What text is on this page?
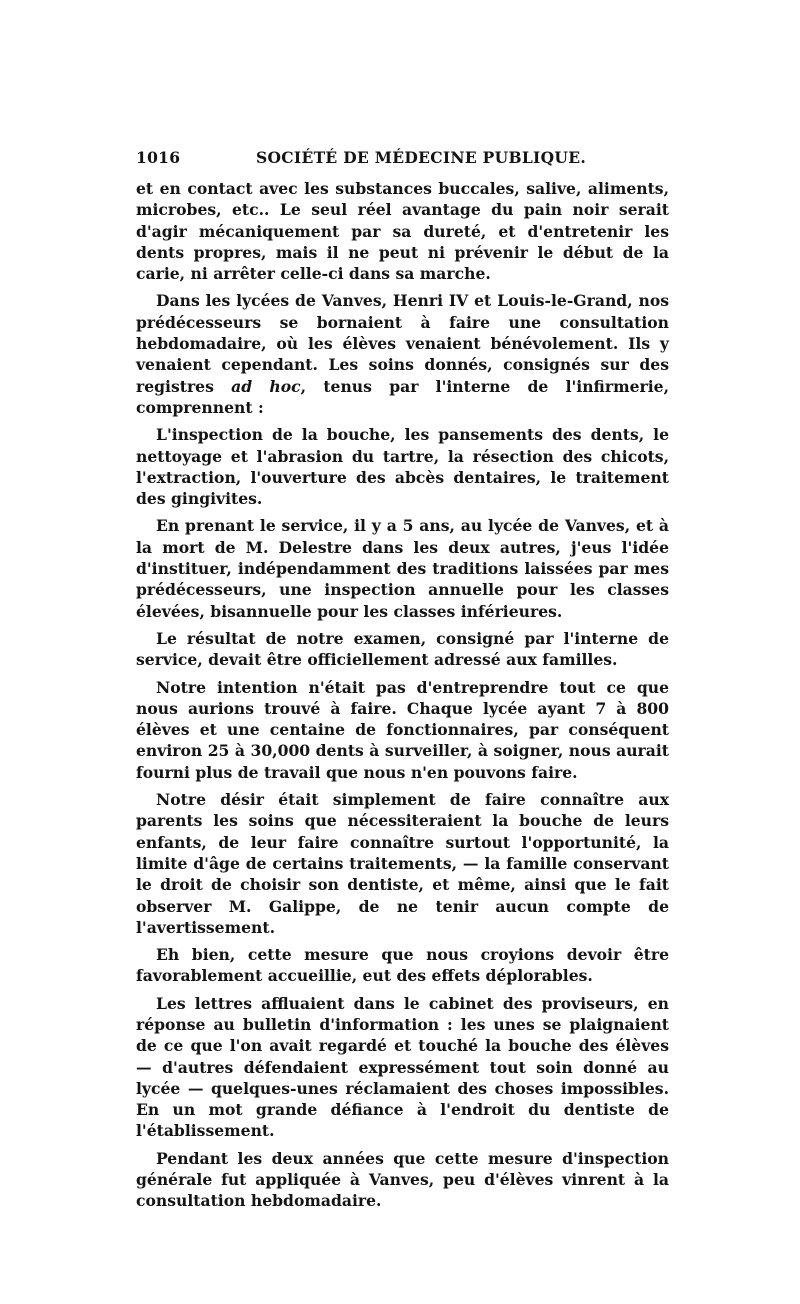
1016	SOCIÉTÉ DE MÉDECINE PUBLIQUE.

et en contact avec les substances buccales, salive, aliments, microbes, etc.. Le seul réel avantage du pain noir serait d'agir mécaniquement par sa dureté, et d'entretenir les dents propres, mais il ne peut ni prévenir le début de la carie, ni arrêter celle-ci dans sa marche.

Dans les lycées de Vanves, Henri IV et Louis-le-Grand, nos prédécesseurs se bornaient à faire une consultation hebdomadaire, où les élèves venaient bénévolement. Ils y venaient cependant. Les soins donnés, consignés sur des registres ad hoc, tenus par l'interne de l'infirmerie, comprennent :

L'inspection de la bouche, les pansements des dents, le nettoyage et l'abrasion du tartre, la résection des chicots, l'extraction, l'ouverture des abcès dentaires, le traitement des gingivites.

En prenant le service, il y a 5 ans, au lycée de Vanves, et à la mort de M. Delestre dans les deux autres, j'eus l'idée d'instituer, indépendamment des traditions laissées par mes prédécesseurs, une inspection annuelle pour les classes élevées, bisannuelle pour les classes inférieures.

Le résultat de notre examen, consigné par l'interne de service, devait être officiellement adressé aux familles.

Notre intention n'était pas d'entreprendre tout ce que nous aurions trouvé à faire. Chaque lycée ayant 7 à 800 élèves et une centaine de fonctionnaires, par conséquent environ 25 à 30,000 dents à surveiller, à soigner, nous aurait fourni plus de travail que nous n'en pouvons faire.

Notre désir était simplement de faire connaître aux parents les soins que nécessiteraient la bouche de leurs enfants, de leur faire connaître surtout l'opportunité, la limite d'âge de certains traitements, — la famille conservant le droit de choisir son dentiste, et même, ainsi que le fait observer M. Galippe, de ne tenir aucun compte de l'avertissement.

Eh bien, cette mesure que nous croyions devoir être favorablement accueillie, eut des effets déplorables.

Les lettres affluaient dans le cabinet des proviseurs, en réponse au bulletin d'information : les unes se plaignaient de ce que l'on avait regardé et touché la bouche des élèves — d'autres défendaient expressément tout soin donné au lycée — quelques-unes réclamaient des choses impossibles. En un mot grande défiance à l'endroit du dentiste de l'établissement.

Pendant les deux années que cette mesure d'inspection générale fut appliquée à Vanves, peu d'élèves vinrent à la consultation hebdomadaire.
